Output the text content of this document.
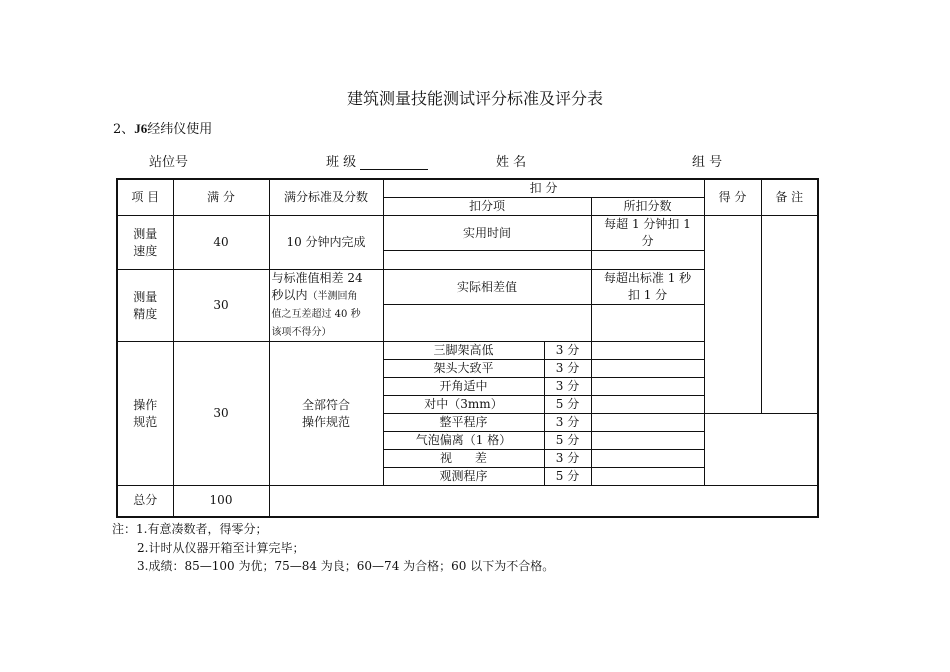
建筑测量技能测试评分标准及评分表
2、J6经纬仪使用
站位号	班 级	姓 名	组 号
项 目	满 分	满分标准及分数	扣 分			得 分	备 注
			扣分项		所扣分数		
测量
速度	40	10 分钟内完成	实用时间		每超 1 分钟扣 1
分		

测量
精度	30	与标准值相差 24
秒以内（半测回角
值之互差超过 40 秒
该项不得分）	实际相差值		每超出标准 1 秒
扣 1 分		

操作
规范	30	全部符合
操作规范	三脚架高低	3 分			
			架头大致平	3 分			
			开角适中	3 分			
			对中（3mm）	5 分			
			整平程序	3 分			
			气泡偏离（1 格）	5 分			
			视      差	3 分			
			观测程序	5 分			
总分	100						
注：1.有意凑数者，得零分；
2.计时从仪器开箱至计算完毕；
3.成绩：85—100 为优；75—84 为良；60—74 为合格；60 以下为不合格。
